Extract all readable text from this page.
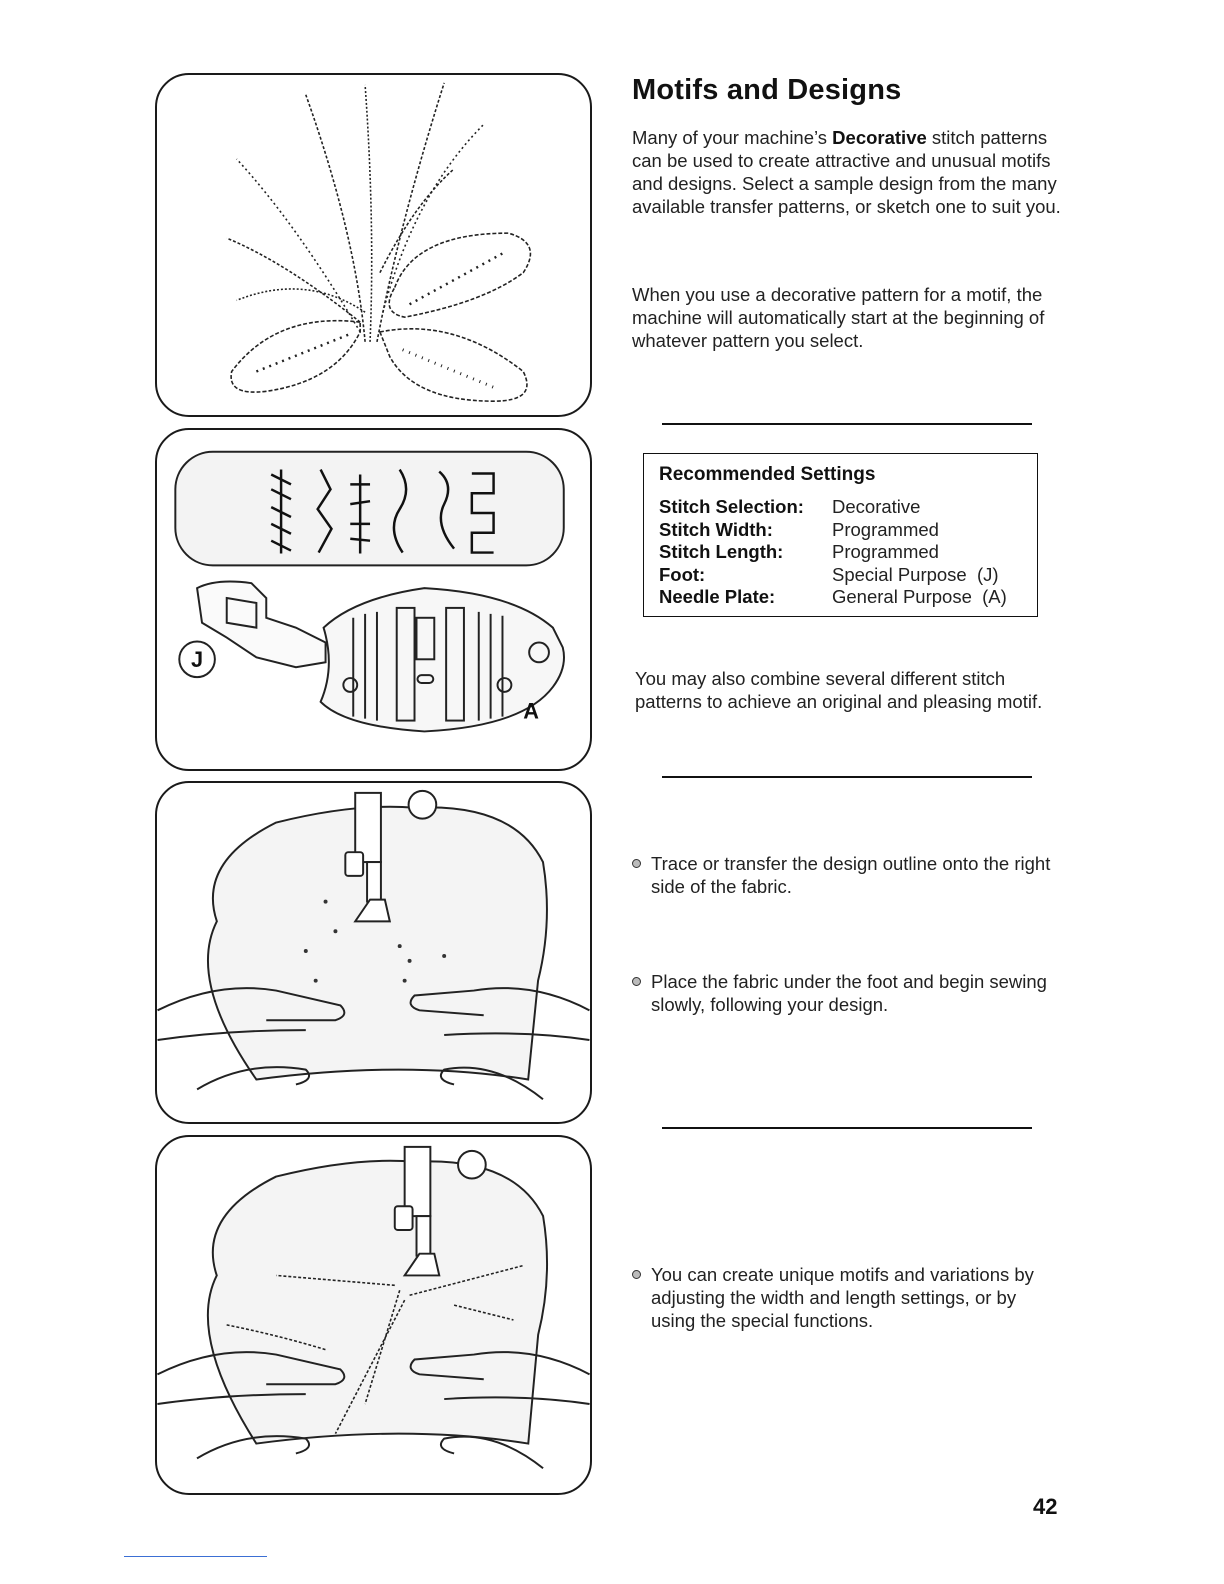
J
A
Motifs and Designs

Many of your machine’s Decorative stitch patterns can be used to create attractive and unusual motifs and designs. Select a sample design from the many available transfer patterns, or sketch one to suit you.

When you use a decorative pattern for a motif, the machine will automatically start at the beginning of whatever pattern you select.

Recommended Settings
Stitch Selection:	Decorative
Stitch Width:	Programmed
Stitch Length:	Programmed
Foot:	Special Purpose  (J)
Needle Plate:	General Purpose  (A)

You may also combine several different stitch patterns to achieve an original and pleasing motif.

Trace or transfer the design outline onto the right side of the fabric.
Place the fabric under the foot and begin sewing slowly, following your design.
You can create unique motifs and variations by adjusting the width and length settings, or by using the special functions.
42
